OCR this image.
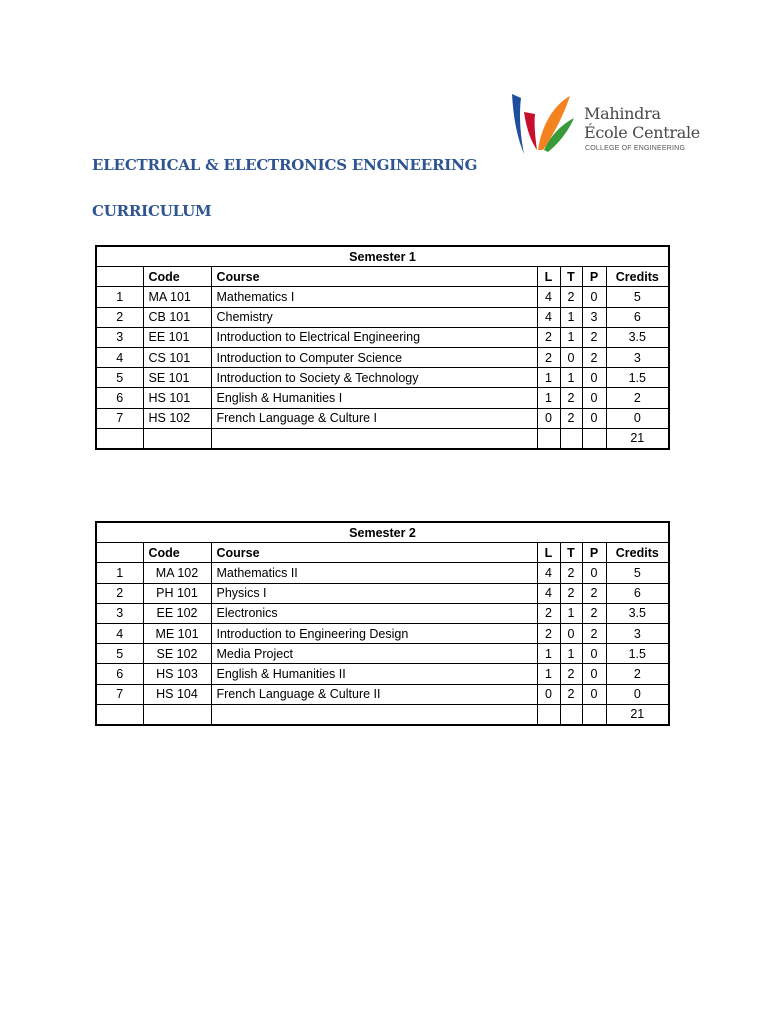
Mahindra
École Centrale
COLLEGE OF ENGINEERING
ELECTRICAL & ELECTRONICS ENGINEERING
CURRICULUM
Semester 1						
	Code	Course	L	T	P	Credits
1	MA 101	Mathematics I	4	2	0	5
2	CB 101	Chemistry	4	1	3	6
3	EE 101	Introduction to Electrical Engineering	2	1	2	3.5
4	CS 101	Introduction to Computer Science	2	0	2	3
5	SE 101	Introduction to Society & Technology	1	1	0	1.5
6	HS 101	English & Humanities I	1	2	0	2
7	HS 102	French Language & Culture I	0	2	0	0
						21
Semester 2						
	Code	Course	L	T	P	Credits
1	MA 102	Mathematics II	4	2	0	5
2	PH 101	Physics I	4	2	2	6
3	EE 102	Electronics	2	1	2	3.5
4	ME 101	Introduction to Engineering Design	2	0	2	3
5	SE 102	Media Project	1	1	0	1.5
6	HS 103	English & Humanities II	1	2	0	2
7	HS 104	French Language & Culture II	0	2	0	0
						21
